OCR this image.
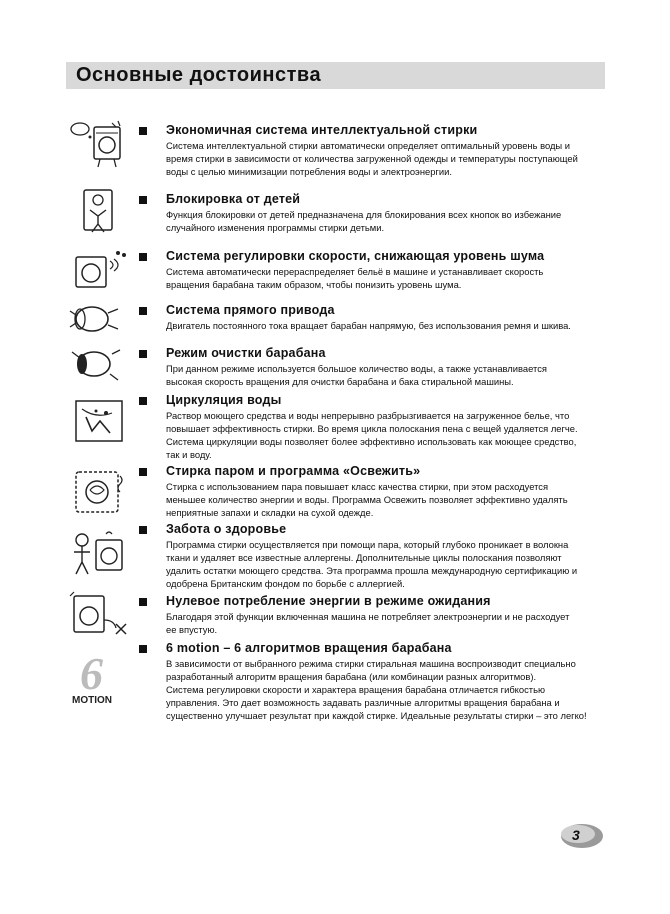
Основные достоинства
Экономичная система интеллектуальной стирки

Система интеллектуальной стирки автоматически определяет оптимальный уровень воды и

время стирки в зависимости от количества загруженной одежды и температуры поступающей

воды с целью минимизации потребления воды и электроэнергии.

Блокировка от детей

Функция блокировки от детей предназначена для блокирования всех кнопок во избежание

случайного изменения программы стирки детьми.

Система регулировки скорости, снижающая уровень шума

Система автоматически перераспределяет бельё в машине и устанавливает скорость

вращения барабана таким образом, чтобы понизить уровень шума.

Система прямого привода

Двигатель постоянного тока вращает барабан напрямую, без использования ремня и шкива.

Режим очистки барабана

При данном режиме используется большое количество воды, а также устанавливается

высокая скорость вращения для очистки барабана и бака стиральной машины.

Циркуляция воды

Раствор моющего средства и воды непрерывно разбрызгивается на загруженное белье, что

повышает эффективность стирки. Во время цикла полоскания пена с вещей удаляется легче.

Система циркуляции воды позволяет более эффективно использовать как моющее средство,

так и воду.

Стирка паром и программа «Освежить»

Стирка с использованием пара повышает класс качества стирки, при этом расходуется

меньшее количество энергии и воды. Программа Освежить позволяет эффективно удалять

неприятные запахи и складки на сухой одежде.

Забота о здоровье

Программа стирки осуществляется при помощи пара, который глубоко проникает в волокна

ткани и удаляет все известные аллергены. Дополнительные циклы полоскания позволяют

удалить остатки моющего средства. Эта программа прошла международную сертификацию и

одобрена Британским фондом по борьбе с аллергией.

Нулевое потребление энергии в режиме ожидания

Благодаря этой функции включенная машина не потребляет электроэнергии и не расходует

ее впустую.

6
MOTION
6 motion – 6 алгоритмов вращения барабана

В зависимости от выбранного режима стирки стиральная машина воспроизводит специально

разработанный алгоритм вращения барабана (или комбинации разных алгоритмов).

Система регулировки скорости и характера вращения барабана отличается гибкостью

управления. Это дает возможность задавать различные алгоритмы вращения барабана и

существенно улучшает результат при каждой стирке. Идеальные результаты стирки – это легко!

3
